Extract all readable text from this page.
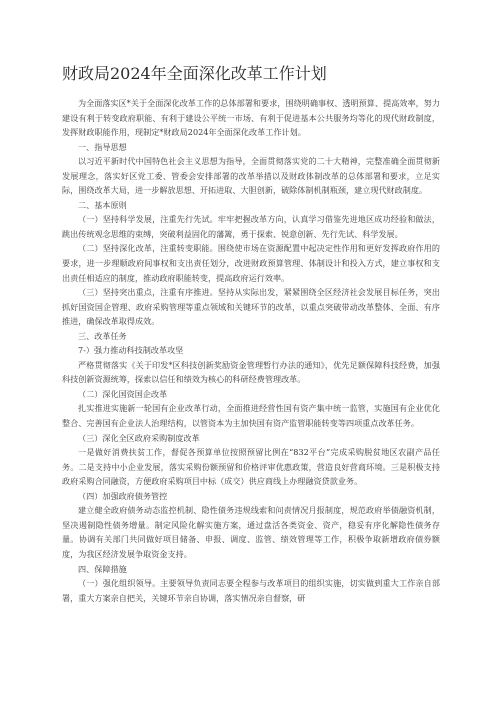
财政局2024年全面深化改革工作计划

为全面落实区*关于全面深化改革工作的总体部署和要求，围绕明确事权、透明预算、提高效率，努力建设有利于转变政府职能、有利于建设公平统一市场、有利于促进基本公共服务均等化的现代财政制度，发挥财政职能作用，现制定*财政局2024年全面深化改革工作计划。

一、指导思想

以习近平新时代中国特色社会主义思想为指导，全面贯彻落实党的二十大精神，完整准确全面贯彻新发展理念，落实好区党工委、管委会安排部署的改革举措以及财政体制改革的总体部署和要求，立足实际，围绕改革大局，进一步解放思想、开拓进取、大胆创新，破除体制机制瓶颈，建立现代财政制度。

二、基本原则

（一）坚持科学发展，注重先行先试。牢牢把握改革方向，认真学习借鉴先进地区成功经验和做法，跳出传统观念思维的束缚，突破利益固化的藩篱，勇于探索、锐意创新、先行先试、科学发展。

（二）坚持深化改革，注重转变职能。围绕使市场在资源配置中起决定性作用和更好发挥政府作用的要求，进一步理顺政府间事权和支出责任划分，改进财政预算管理、体制设计和投入方式，建立事权和支出责任相适应的制度，推动政府职能转变，提高政府运行效率。

（三）坚持突出重点，注重有序推进。坚持从实际出发，紧紧围绕全区经济社会发展目标任务，突出抓好国资国企管理、政府采购管理等重点领域和关键环节的改革，以重点突破带动改革整体、全面、有序推进，确保改革取得成效。

三、改革任务

7-）强力推动科技制改革攻坚

严格贯彻落实《关于印发*区科技创新奖励资金管理暂行办法的通知》，优先足额保障科技经费，加强科技创新资源统筹，探索以信任和绩效为核心的科研经费管理改革。

（二）深化国资国企改革

扎实推进实施新一轮国有企业改革行动，全面推进经营性国有资产集中统一监管，实施国有企业优化整合、完善国有企业法人治理结构，以管资本为主加快国有资产监管职能转变等四项重点改革任务。

（三）深化全区政府采购制度改革

一是做好消费扶贫工作，督促各预算单位按照预留比例在“832平台”完成采购脱贫地区农副产品任务。二是支持中小企业发展，落实采购份额预留和价格评审优惠政策，营造良好营商环境。三是积极支持政府采购合同融资，方便政府采购项目中标（成交）供应商线上办理融资贷款业务。

（四）加强政府债务管控

建立健全政府债务动态监控机制、隐性债务违规线索和问责情况月报制度，规范政府举债融资机制，坚决遏制隐性债务增量。制定风险化解实施方案，通过盘活各类资金、资产，稳妥有序化解隐性债务存量。协调有关部门共同做好项目储备、申报、调度、监管、绩效管理等工作，积极争取新增政府债券额度，为我区经济发展争取资金支持。

四、保障措施

（一）强化组织领导。主要领导负责同志要全程参与改革项目的组织实施，切实做到重大工作亲自部署，重大方案亲自把关，关键环节亲自协调，落实情况亲自督察，研
